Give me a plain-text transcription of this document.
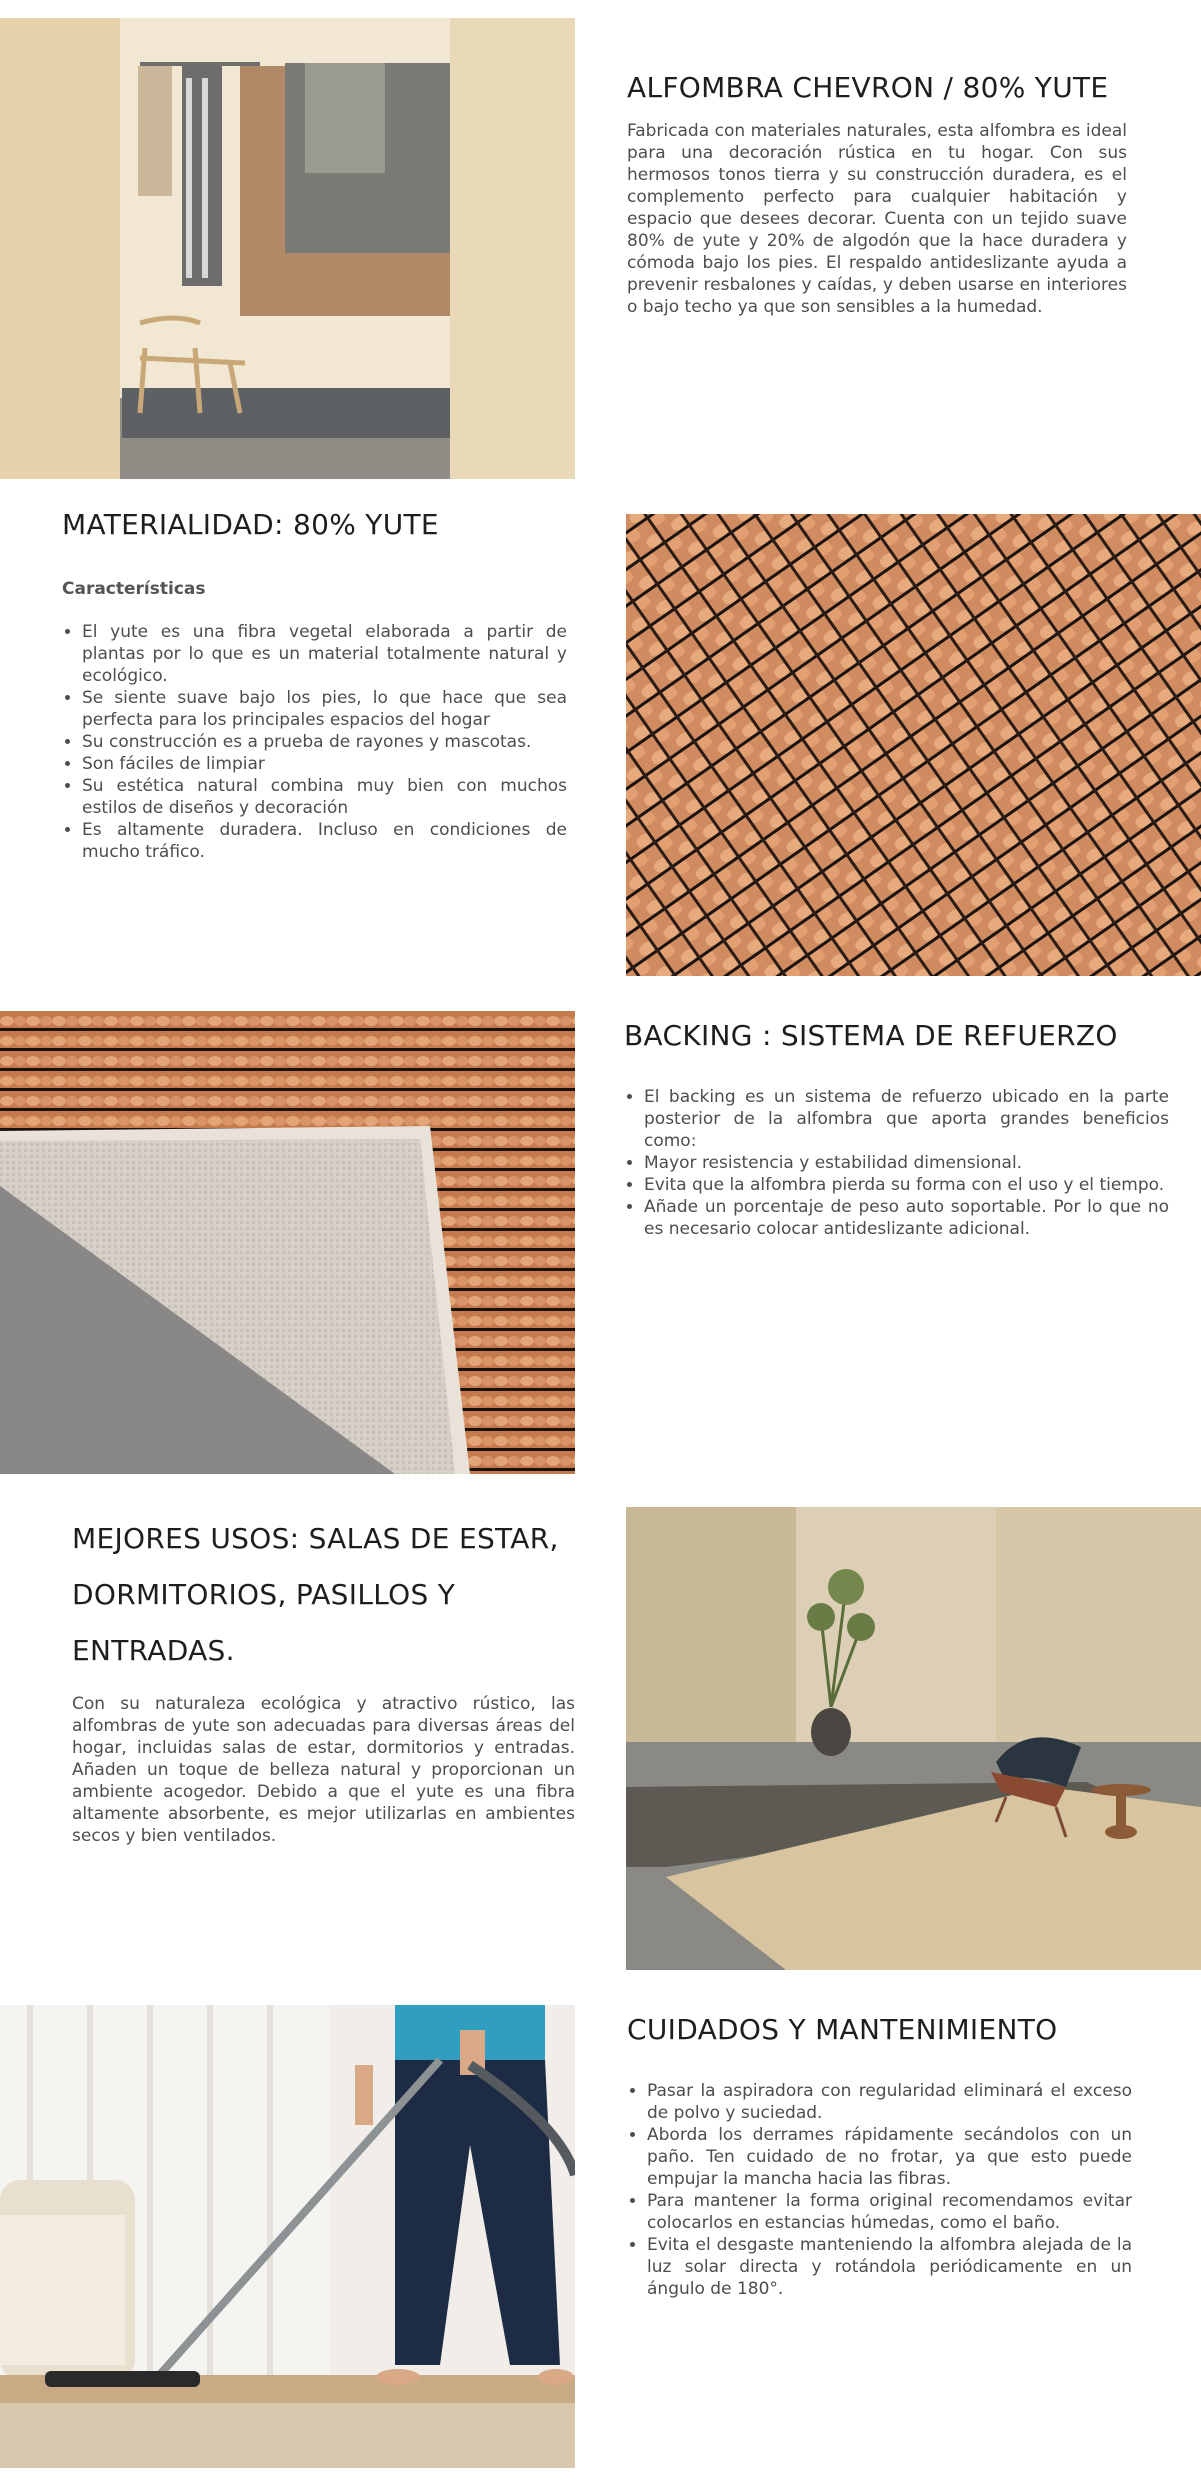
ALFOMBRA CHEVRON / 80% YUTE

Fabricada con materiales naturales, esta alfombra es ideal para una decoración rústica en tu hogar. Con sus hermosos tonos tierra y su construcción duradera, es el complemento perfecto para cualquier habitación y espacio que desees decorar. Cuenta con un tejido suave 80% de yute y 20% de algodón que la hace duradera y cómoda bajo los pies. El respaldo antideslizante ayuda a prevenir resbalones y caídas, y deben usarse en interiores o bajo techo ya que son sensibles a la humedad.

MATERIALIDAD: 80% YUTE

Características

• El yute es una fibra vegetal elaborada a partir de plantas por lo que es un material totalmente natural y ecológico.
• Se siente suave bajo los pies, lo que hace que sea perfecta para los principales espacios del hogar
• Su construcción es a prueba de rayones y mascotas.
• Son fáciles de limpiar
• Su estética natural combina muy bien con muchos estilos de diseños y decoración
• Es altamente duradera. Incluso en condiciones de mucho tráfico.
BACKING : SISTEMA DE REFUERZO
• El backing es un sistema de refuerzo ubicado en la parte posterior de la alfombra que aporta grandes beneficios como:
• Mayor resistencia y estabilidad dimensional.
• Evita que la alfombra pierda su forma con el uso y el tiempo.
• Añade un porcentaje de peso auto soportable. Por lo que no es necesario colocar antideslizante adicional.
MEJORES USOS: SALAS DE ESTAR,
DORMITORIOS, PASILLOS Y
ENTRADAS.

Con su naturaleza ecológica y atractivo rústico, las alfombras de yute son adecuadas para diversas áreas del hogar, incluidas salas de estar, dormitorios y entradas. Añaden un toque de belleza natural y proporcionan un ambiente acogedor. Debido a que el yute es una fibra altamente absorbente, es mejor utilizarlas en ambientes secos y bien ventilados.

CUIDADOS Y MANTENIMIENTO
• Pasar la aspiradora con regularidad eliminará el exceso de polvo y suciedad.
• Aborda los derrames rápidamente secándolos con un paño. Ten cuidado de no frotar, ya que esto puede empujar la mancha hacia las fibras.
• Para mantener la forma original recomendamos evitar colocarlos en estancias húmedas, como el baño.
• Evita el desgaste manteniendo la alfombra alejada de la luz solar directa y rotándola periódicamente en un ángulo de 180°.
